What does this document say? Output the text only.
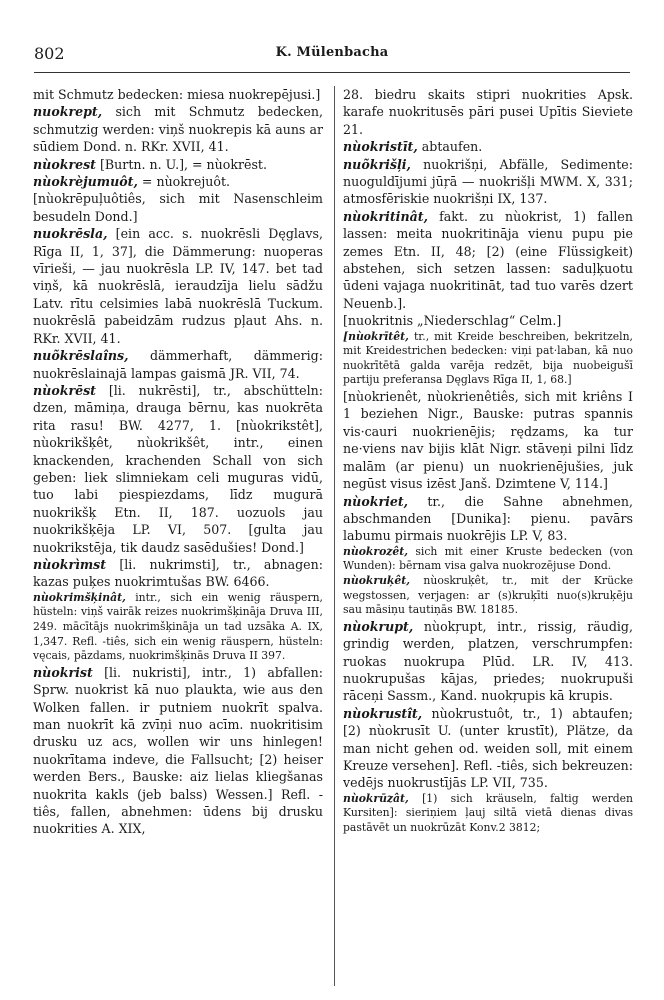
802	K. Mülenbacha

mit Schmutz bedecken: miesa nuokrepējusi.]

nuokrept, sich mit Schmutz bedecken, schmutzig werden: viņš nuokrepis kā auns ar sūdiem Dond. n. RKr. XVII, 41.

nùokrest [Burtn. n. U.], = nùokrēst.

nùokrèjumuôt, = nùokrejuôt.

[nùokrēpuļuôtiês, sich mit Nasenschleim besudeln Dond.]

nuokrēsla, [ein acc. s. nuokrēsli Dęglavs, Rīga II, 1, 37], die Dämmerung: nuoperas vīrieši, — jau nuokrēsla LP. IV, 147. bet tad viņš, kā nuokrēslā, ieraudzīja lielu sādžu Latv. rītu celsimies labā nuokrēslā Tuckum. nuokrēslā pabeidzām rudzus pļaut Ahs. n. RKr. XVII, 41.

nuõkrēslaîns, dämmerhaft, dämmerig: nuokrēslainajā lampas gaismā JR. VII, 74.

nùokrēst [li. nukrēsti], tr., abschütteln: dzen, māmiņa, drauga bērnu, kas nuokrēta rita rasu! BW. 4277, 1. [nùokrikstêt], nùokrikšķêt, nùokrikšêt, intr., einen knackenden, krachenden Schall von sich geben: liek slimniekam celi muguras vidū, tuo labi piespiezdams, līdz mugurā nuokrikšķ Etn. II, 187. uozuols jau nuokrikšķēja LP. VI, 507. [gulta jau nuokrikstēja, tik daudz sasēdušies! Dond.]

nùokrìmst [li. nukrimsti], tr., abnagen: kazas puķes nuokrimtušas BW. 6466.

nùokrimšķinât, intr., sich ein wenig räuspern, hüsteln: viņš vairāk reizes nuokrimšķināja Druva III, 249. mācītājs nuokrimšķināja un tad uzsāka A. IX, 1,347. Refl. -tiês, sich ein wenig räuspern, hüsteln: vęcais, pāzdams, nuokrimšķinās Druva II 397.

nùokrist [li. nukristi], intr., 1) abfallen: Sprw. nuokrist kā nuo plaukta, wie aus den Wolken fallen. ir putniem nuokrīt spalva. man nuokrīt kā zvīņi nuo acīm. nuokritisim drusku uz acs, wollen wir uns hinlegen! nuokrītama indeve, die Fallsucht; [2) heiser werden Bers., Bauske: aiz lielas kliegšanas nuokrita kakls (jeb balss) Wessen.] Refl. -tiês, fallen, abnehmen: ūdens bij drusku nuokrities A. XIX,

28. biedru skaits stipri nuokrities Apsk. karafe nuokritusēs pāri pusei Upītis Sieviete 21.

nùokristīt, abtaufen.

nuõkrišļi, nuokrišņi, Abfälle, Sedimente: nuoguldījumi jūŗā — nuokrišļi MWM. X, 331; atmosfēriskie nuokrišņi IX, 137.

nùokritinât, fakt. zu nùokrist, 1) fallen lassen: meita nuokritināja vienu pupu pie zemes Etn. II, 48; [2) (eine Flüssigkeit) abstehen, sich setzen lassen: saduļķuotu ūdeni vajaga nuokritināt, tad tuo varēs dzert Neuenb.].

[nuokritnis „Niederschlag“ Celm.]

[nùokrītêt, tr., mit Kreide beschreiben, bekritzeln, mit Kreidestrichen bedecken: viņi pat·laban, kā nuo nuokrītētā galda varēja redzēt, bija nuobeigušī partiju preferansa Dęglavs Rīga II, 1, 68.]

[nùokrienêt, nùokrienêtiês, sich mit kriêns I 1 beziehen Nigr., Bauske: putras spannis vis·cauri nuokrienējis; rędzams, ka tur ne·viens nav bijis klāt Nigr. stāveņi pilni līdz malām (ar pienu) un nuokrienējušies, juk negūst visus izēst Janš. Dzimtene V, 114.]

nùokriet, tr., die Sahne abnehmen, abschmanden [Dunika]: pienu. pavārs labumu pirmais nuokrējis LP. V, 83.

nùokrozêt, sich mit einer Kruste bedecken (von Wunden): bērnam visa galva nuokrozējuse Dond.

nùokruķêt, nùoskruķêt, tr., mit der Krücke wegstossen, verjagen: ar (s)kruķīti nuo(s)kruķēju sau māsiņu tautiņās BW. 18185.

nùokrupt, nùokŗupt, intr., rissig, räudig, grindig werden, platzen, verschrumpfen: ruokas nuokrupa Plūd. LR. IV, 413. nuokrupušas kājas, priedes; nuokrupuši rāceņi Sassm., Kand. nuokŗupis kā krupis.

nùokrustît, nùokrustuôt, tr., 1) abtaufen; [2) nùokrusīt U. (unter krustīt), Plätze, da man nicht gehen od. weiden soll, mit einem Kreuze versehen]. Refl. -tiês, sich bekreuzen: vedējs nuokrustījās LP. VII, 735.

nùokrūzât, [1) sich kräuseln, faltig werden Kursiten]: sieriņiem ļauj siltā vietā dienas divas pastāvēt un nuokrūzāt Konv.2 3812;
